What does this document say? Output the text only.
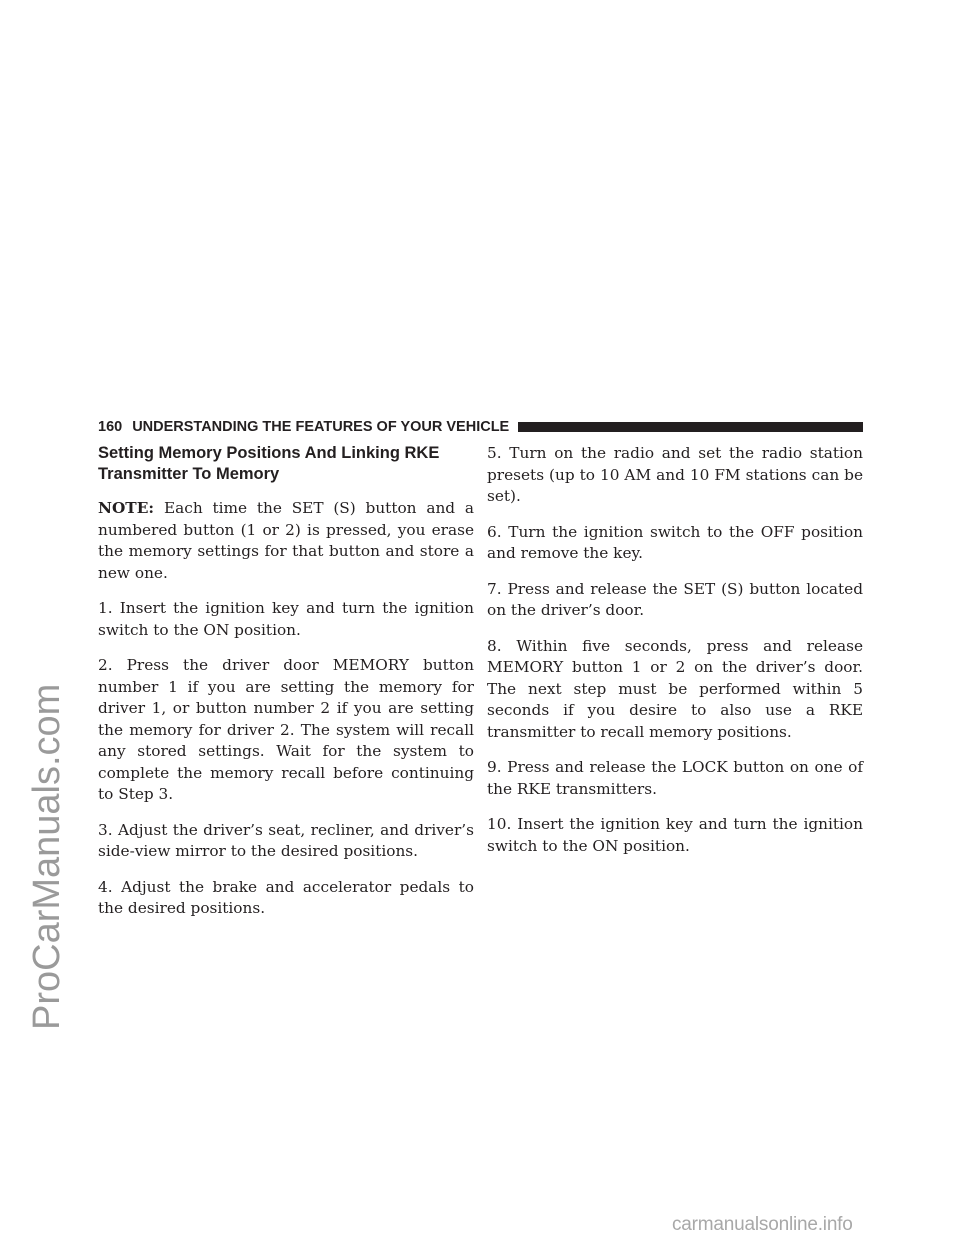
ProCarManuals.com
carmanualsonline.info
160 UNDERSTANDING THE FEATURES OF YOUR VEHICLE
Setting Memory Positions And Linking RKE
Transmitter To Memory

NOTE: Each time the SET (S) button and a numbered button (1 or 2) is pressed, you erase the memory settings for that button and store a new one.

1. Insert the ignition key and turn the ignition switch to the ON position.

2. Press the driver door MEMORY button number 1 if you are setting the memory for driver 1, or button number 2 if you are setting the memory for driver 2. The system will recall any stored settings. Wait for the system to complete the memory recall before continuing to Step 3.

3. Adjust the driver’s seat, recliner, and driver’s side-view mirror to the desired positions.

4. Adjust the brake and accelerator pedals to the desired positions.

5. Turn on the radio and set the radio station presets (up to 10 AM and 10 FM stations can be set).

6. Turn the ignition switch to the OFF position and remove the key.

7. Press and release the SET (S) button located on the driver’s door.

8. Within five seconds, press and release MEMORY button 1 or 2 on the driver’s door. The next step must be performed within 5 seconds if you desire to also use a RKE transmitter to recall memory positions.

9. Press and release the LOCK button on one of the RKE transmitters.

10. Insert the ignition key and turn the ignition switch to the ON position.
